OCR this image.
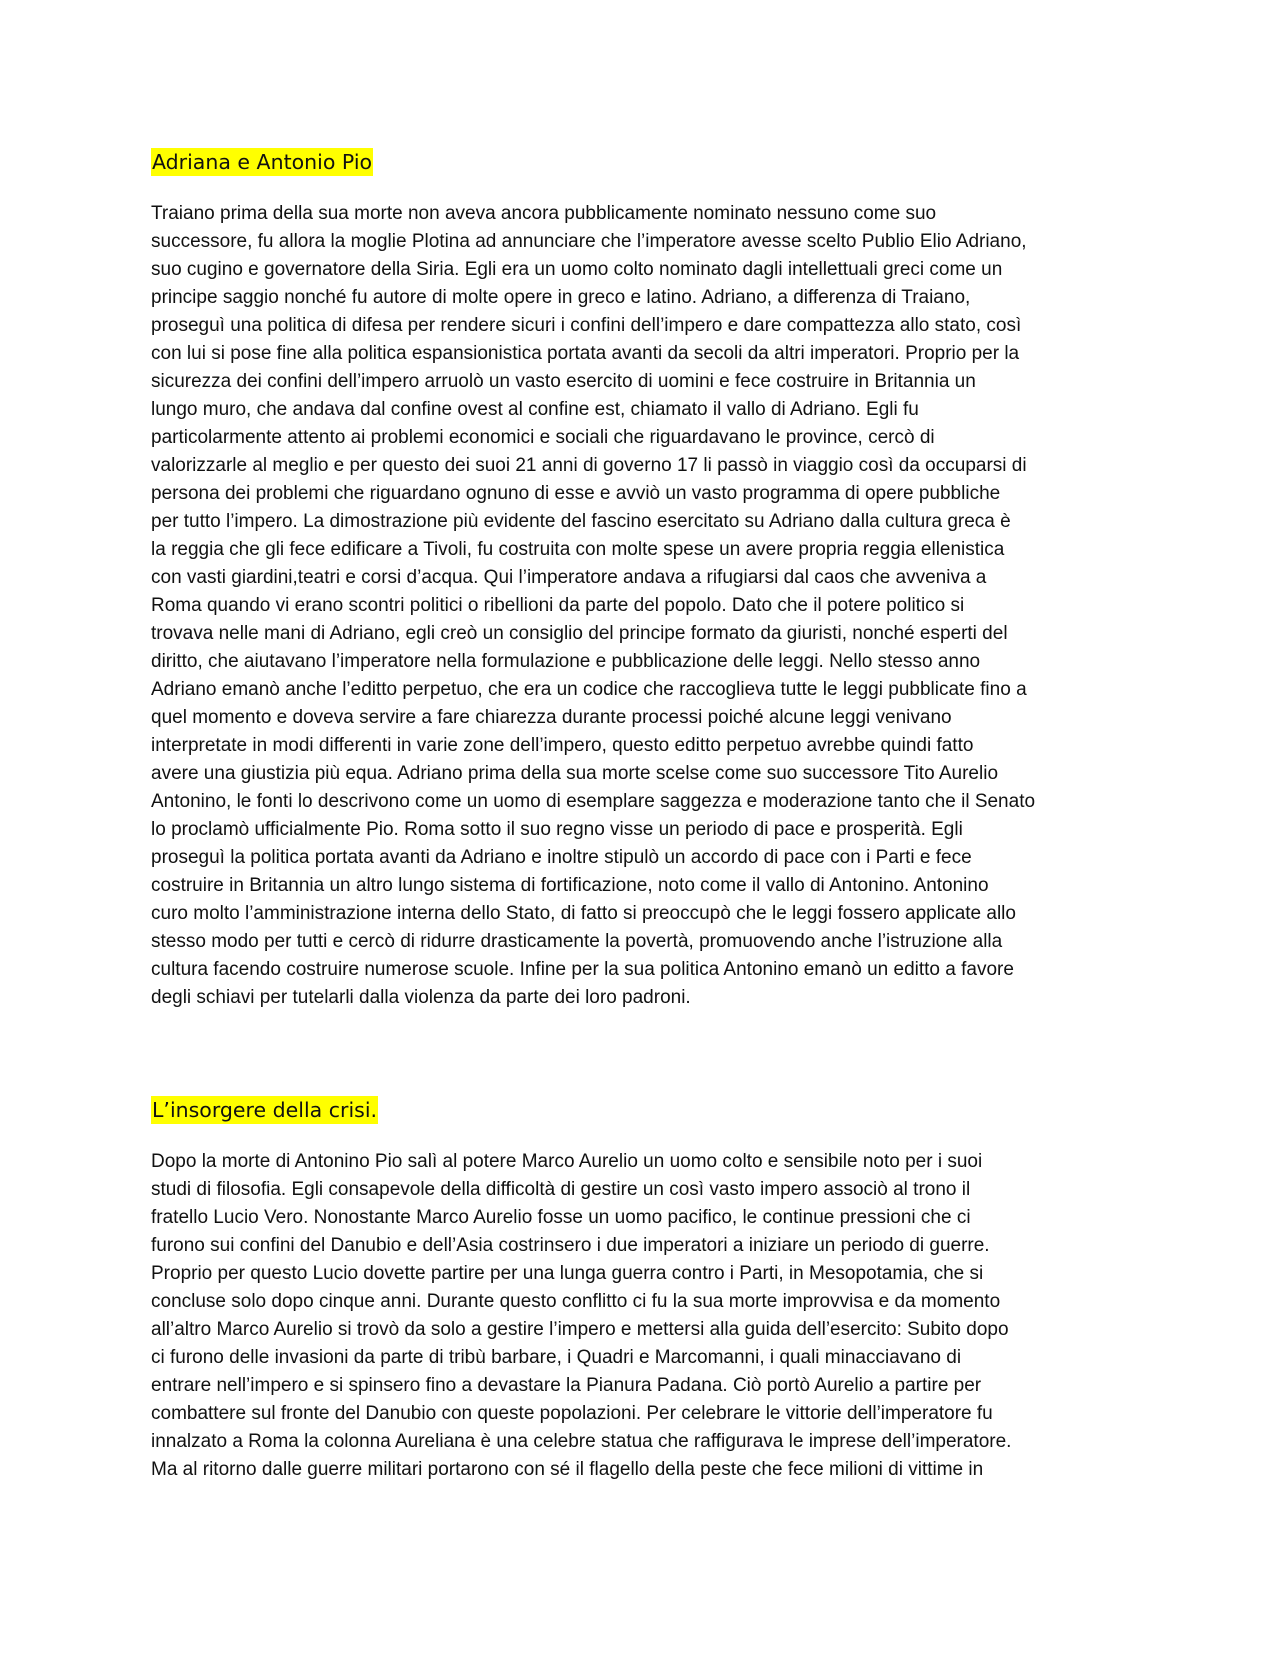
Adriana e Antonio Pio

Traiano prima della sua morte non aveva ancora pubblicamente nominato nessuno come suo
successore, fu allora la moglie Plotina ad annunciare che l’imperatore avesse scelto Publio Elio Adriano,
suo cugino e governatore della Siria. Egli era un uomo colto nominato dagli intellettuali greci come un
principe saggio nonché fu autore di molte opere in greco e latino. Adriano, a differenza di Traiano,
proseguì una politica di difesa per rendere sicuri i confini dell’impero e dare compattezza allo stato, così
con lui si pose fine alla politica espansionistica portata avanti da secoli da altri imperatori. Proprio per la
sicurezza dei confini dell’impero arruolò un vasto esercito di uomini e fece costruire in Britannia un
lungo muro, che andava dal confine ovest al confine est, chiamato il vallo di Adriano. Egli fu
particolarmente attento ai problemi economici e sociali che riguardavano le province, cercò di
valorizzarle al meglio e per questo dei suoi 21 anni di governo 17 li passò in viaggio così da occuparsi di
persona dei problemi che riguardano ognuno di esse e avviò un vasto programma di opere pubbliche
per tutto l’impero. La dimostrazione più evidente del fascino esercitato su Adriano dalla cultura greca è
la reggia che gli fece edificare a Tivoli, fu costruita con molte spese un avere propria reggia ellenistica
con vasti giardini,teatri e corsi d’acqua. Qui l’imperatore andava a rifugiarsi dal caos che avveniva a
Roma quando vi erano scontri politici o ribellioni da parte del popolo. Dato che il potere politico si
trovava nelle mani di Adriano, egli creò un consiglio del principe formato da giuristi, nonché esperti del
diritto, che aiutavano l’imperatore nella formulazione e pubblicazione delle leggi. Nello stesso anno
Adriano emanò anche l’editto perpetuo, che era un codice che raccoglieva tutte le leggi pubblicate fino a
quel momento e doveva servire a fare chiarezza durante processi poiché alcune leggi venivano
interpretate in modi differenti in varie zone dell’impero, questo editto perpetuo avrebbe quindi fatto
avere una giustizia più equa. Adriano prima della sua morte scelse come suo successore Tito Aurelio
Antonino, le fonti lo descrivono come un uomo di esemplare saggezza e moderazione tanto che il Senato
lo proclamò ufficialmente Pio. Roma sotto il suo regno visse un periodo di pace e prosperità. Egli
proseguì la politica portata avanti da Adriano e inoltre stipulò un accordo di pace con i Parti e fece
costruire in Britannia un altro lungo sistema di fortificazione, noto come il vallo di Antonino. Antonino
curo molto l’amministrazione interna dello Stato, di fatto si preoccupò che le leggi fossero applicate allo
stesso modo per tutti e cercò di ridurre drasticamente la povertà, promuovendo anche l’istruzione alla
cultura facendo costruire numerose scuole. Infine per la sua politica Antonino emanò un editto a favore
degli schiavi per tutelarli dalla violenza da parte dei loro padroni.

L’insorgere della crisi.

Dopo la morte di Antonino Pio salì al potere Marco Aurelio un uomo colto e sensibile noto per i suoi
studi di filosofia. Egli consapevole della difficoltà di gestire un così vasto impero associò al trono il
fratello Lucio Vero. Nonostante Marco Aurelio fosse un uomo pacifico, le continue pressioni che ci
furono sui confini del Danubio e dell’Asia costrinsero i due imperatori a iniziare un periodo di guerre.
Proprio per questo Lucio dovette partire per una lunga guerra contro i Parti, in Mesopotamia, che si
concluse solo dopo cinque anni. Durante questo conflitto ci fu la sua morte improvvisa e da momento
all’altro Marco Aurelio si trovò da solo a gestire l’impero e mettersi alla guida dell’esercito: Subito dopo
ci furono delle invasioni da parte di tribù barbare, i Quadri e Marcomanni, i quali minacciavano di
entrare nell’impero e si spinsero fino a devastare la Pianura Padana. Ciò portò Aurelio a partire per
combattere sul fronte del Danubio con queste popolazioni. Per celebrare le vittorie dell’imperatore fu
innalzato a Roma la colonna Aureliana è una celebre statua che raffigurava le imprese dell’imperatore.
Ma al ritorno dalle guerre militari portarono con sé il flagello della peste che fece milioni di vittime in
